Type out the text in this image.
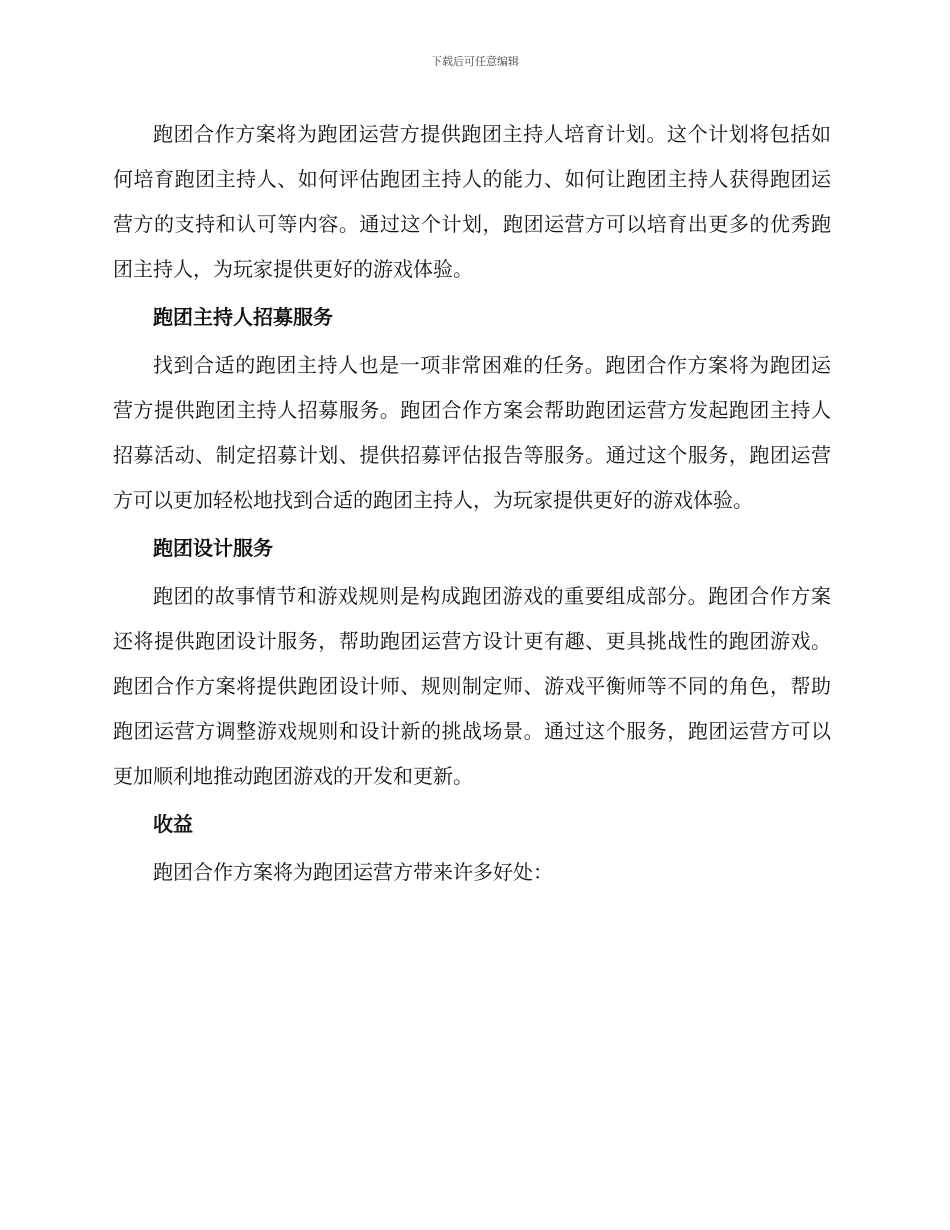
下载后可任意编辑

跑团合作方案将为跑团运营方提供跑团主持人培育计划。这个计划将包括如何培育跑团主持人、如何评估跑团主持人的能力、如何让跑团主持人获得跑团运营方的支持和认可等内容。通过这个计划，跑团运营方可以培育出更多的优秀跑团主持人，为玩家提供更好的游戏体验。

跑团主持人招募服务

找到合适的跑团主持人也是一项非常困难的任务。跑团合作方案将为跑团运营方提供跑团主持人招募服务。跑团合作方案会帮助跑团运营方发起跑团主持人招募活动、制定招募计划、提供招募评估报告等服务。通过这个服务，跑团运营方可以更加轻松地找到合适的跑团主持人，为玩家提供更好的游戏体验。

跑团设计服务

跑团的故事情节和游戏规则是构成跑团游戏的重要组成部分。跑团合作方案还将提供跑团设计服务，帮助跑团运营方设计更有趣、更具挑战性的跑团游戏。跑团合作方案将提供跑团设计师、规则制定师、游戏平衡师等不同的角色，帮助跑团运营方调整游戏规则和设计新的挑战场景。通过这个服务，跑团运营方可以更加顺利地推动跑团游戏的开发和更新。

收益

跑团合作方案将为跑团运营方带来许多好处：
